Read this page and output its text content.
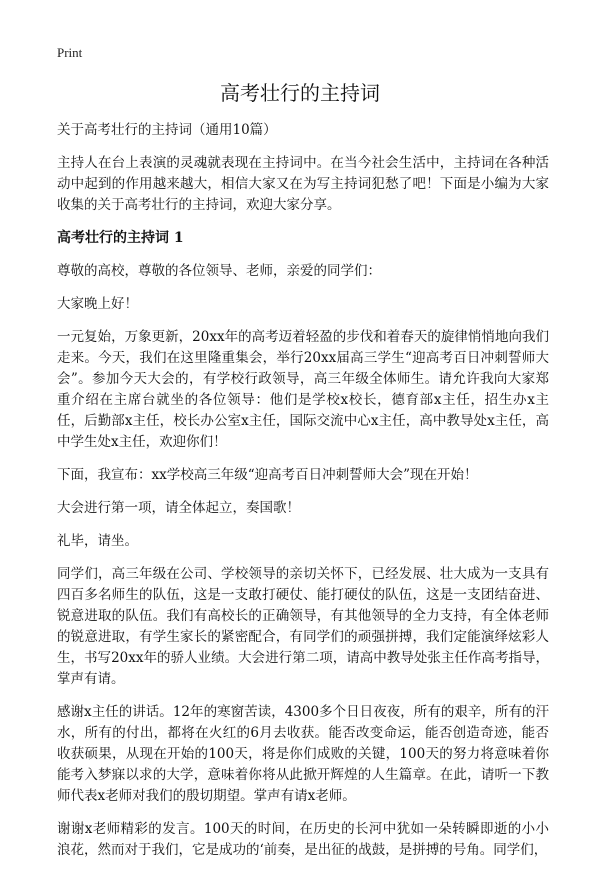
Print
高考壮行的主持词

关于高考壮行的主持词（通用10篇）

主持人在台上表演的灵魂就表现在主持词中。在当今社会生活中，主持词在各种活动中起到的作用越来越大，相信大家又在为写主持词犯愁了吧！下面是小编为大家收集的关于高考壮行的主持词，欢迎大家分享。

高考壮行的主持词 1

尊敬的高校，尊敬的各位领导、老师，亲爱的同学们：

大家晚上好！

一元复始，万象更新，20xx年的高考迈着轻盈的步伐和着春天的旋律悄悄地向我们走来。今天，我们在这里隆重集会，举行20xx届高三学生“迎高考百日冲刺誓师大会”。参加今天大会的，有学校行政领导，高三年级全体师生。请允许我向大家郑重介绍在主席台就坐的各位领导：他们是学校x校长，德育部x主任，招生办x主任，后勤部x主任，校长办公室x主任，国际交流中心x主任，高中教导处x主任，高中学生处x主任，欢迎你们！

下面，我宣布：xx学校高三年级“迎高考百日冲刺誓师大会”现在开始！

大会进行第一项，请全体起立，奏国歌！

礼毕，请坐。

同学们，高三年级在公司、学校领导的亲切关怀下，已经发展、壮大成为一支具有四百多名师生的队伍，这是一支敢打硬仗、能打硬仗的队伍，这是一支团结奋进、锐意进取的队伍。我们有高校长的正确领导，有其他领导的全力支持，有全体老师的锐意进取，有学生家长的紧密配合，有同学们的顽强拼搏，我们定能演绎炫彩人生，书写20xx年的骄人业绩。大会进行第二项，请高中教导处张主任作高考指导，掌声有请。

感谢x主任的讲话。12年的寒窗苦读，4300多个日日夜夜，所有的艰辛，所有的汗水，所有的付出，都将在火红的6月去收获。能否改变命运，能否创造奇迹，能否收获硕果，从现在开始的100天，将是你们成败的关键，100天的努力将意味着你能考入梦寐以求的大学，意味着你将从此掀开辉煌的人生篇章。在此，请听一下教师代表x老师对我们的殷切期望。掌声有请x老师。

谢谢x老师精彩的发言。100天的时间，在历史的长河中犹如一朵转瞬即逝的小小浪花，然而对于我们，它是成功的‘前奏，是出征的战鼓，是拼搏的号角。同学们，
